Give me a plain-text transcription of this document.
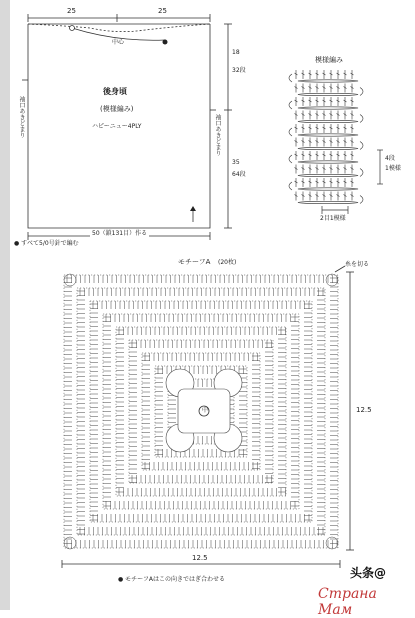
25	25
中心
後身頃
(模様編み)
ハピーニュー4PLY
18
32段
35
64段
袖口あきどまり	袖口あきどまり
50（鎖131目）作る
● すべて5/0号針で編む
模様編み
4段
1模様
2目1模様
モチーフA (20枚)	糸を切る
中	12.5
12.5
● モチーフAはこの向きではぎ合わせる	头条@
Страна Мам
